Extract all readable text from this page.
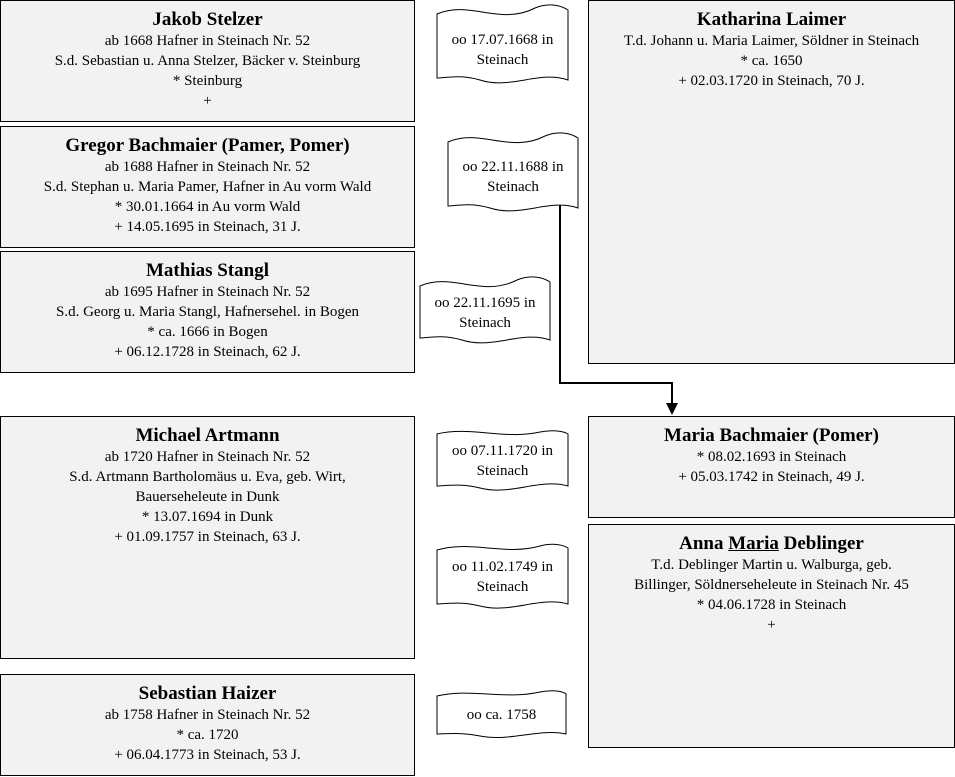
Jakob Stelzer
ab 1668 Hafner in Steinach Nr. 52
S.d. Sebastian u. Anna Stelzer, Bäcker v. Steinburg
* Steinburg
+
Gregor Bachmaier (Pamer, Pomer)
ab 1688 Hafner in Steinach Nr. 52
S.d. Stephan u. Maria Pamer, Hafner in Au vorm Wald
* 30.01.1664 in Au vorm Wald
+ 14.05.1695 in Steinach, 31 J.
Mathias Stangl
ab 1695 Hafner in Steinach Nr. 52
S.d. Georg u. Maria Stangl, Hafnersehel. in Bogen
* ca. 1666 in Bogen
+ 06.12.1728 in Steinach, 62 J.
Michael Artmann
ab 1720 Hafner in Steinach Nr. 52
S.d. Artmann Bartholomäus u. Eva, geb. Wirt,
Bauerseheleute in Dunk
* 13.07.1694 in Dunk
+ 01.09.1757 in Steinach, 63 J.
Sebastian Haizer
ab 1758 Hafner in Steinach Nr. 52
* ca. 1720
+ 06.04.1773 in Steinach, 53 J.
Katharina Laimer
T.d. Johann u. Maria Laimer, Söldner in Steinach
* ca. 1650
+ 02.03.1720 in Steinach, 70 J.
Maria Bachmaier (Pomer)
* 08.02.1693 in Steinach
+ 05.03.1742 in Steinach, 49 J.
Anna Maria Deblinger
T.d. Deblinger Martin u. Walburga, geb.
Billinger, Söldnerseheleute in Steinach Nr. 45
* 04.06.1728 in Steinach
+
oo 17.07.1668 in Steinach
oo 22.11.1688 in Steinach
oo 22.11.1695 in Steinach
oo 07.11.1720 in Steinach
oo 11.02.1749 in Steinach
oo ca. 1758
